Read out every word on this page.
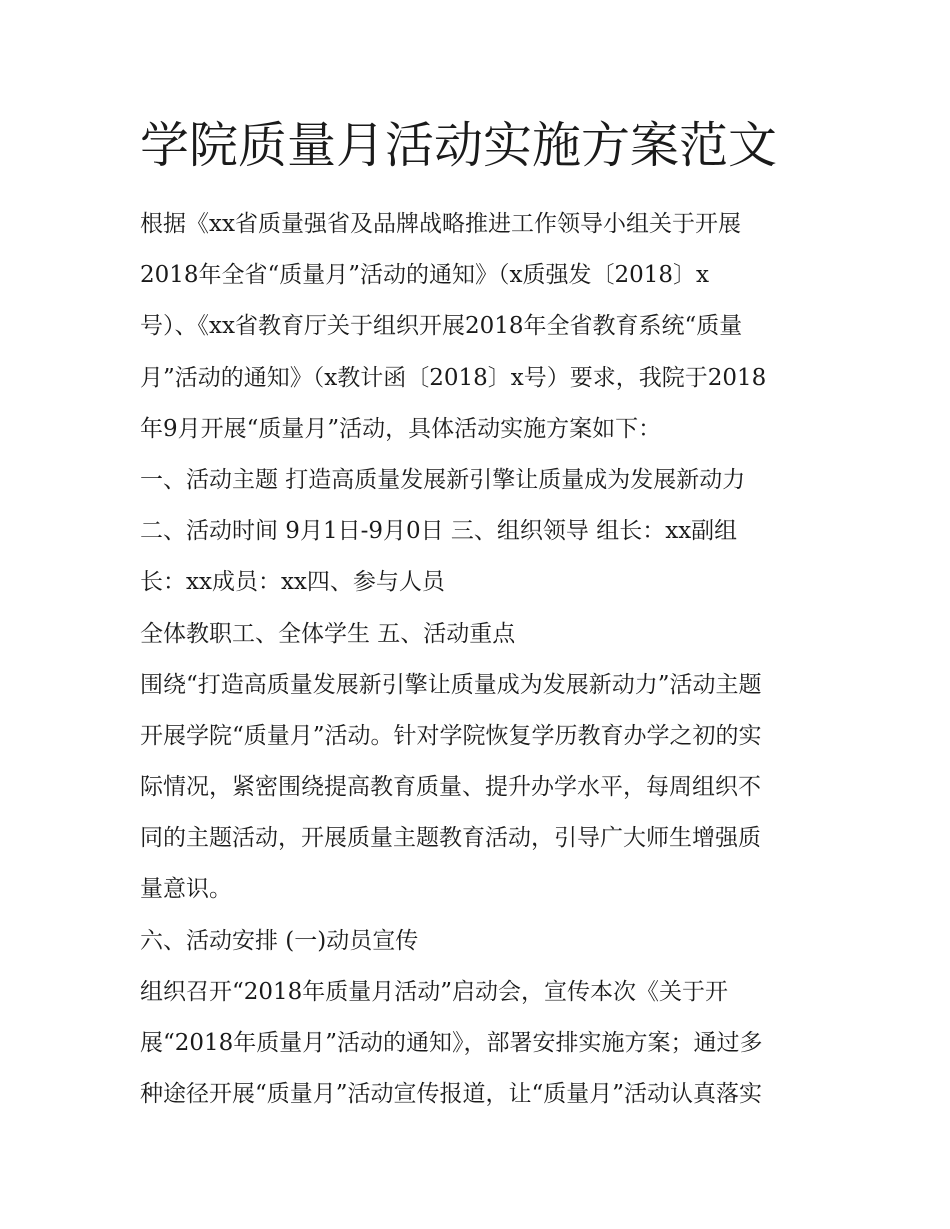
学院质量月活动实施方案范文
根据《xx省质量强省及品牌战略推进工作领导小组关于开展
2018年全省“质量月”活动的通知》（x质强发〔2018〕x
号）、《xx省教育厅关于组织开展2018年全省教育系统“质量
月”活动的通知》（x教计函〔2018〕x号）要求，我院于2018
年9月开展“质量月”活动，具体活动实施方案如下：
一、活动主题 打造高质量发展新引擎让质量成为发展新动力
二、活动时间 9月1日-9月0日 三、组织领导 组长：xx副组
长：xx成员：xx四、参与人员
全体教职工、全体学生 五、活动重点
围绕“打造高质量发展新引擎让质量成为发展新动力”活动主题
开展学院“质量月”活动。针对学院恢复学历教育办学之初的实
际情况，紧密围绕提高教育质量、提升办学水平，每周组织不
同的主题活动，开展质量主题教育活动，引导广大师生增强质
量意识。
六、活动安排 (一)动员宣传
组织召开“2018年质量月活动”启动会，宣传本次《关于开
展“2018年质量月”活动的通知》，部署安排实施方案；通过多
种途径开展“质量月”活动宣传报道，让“质量月”活动认真落实
